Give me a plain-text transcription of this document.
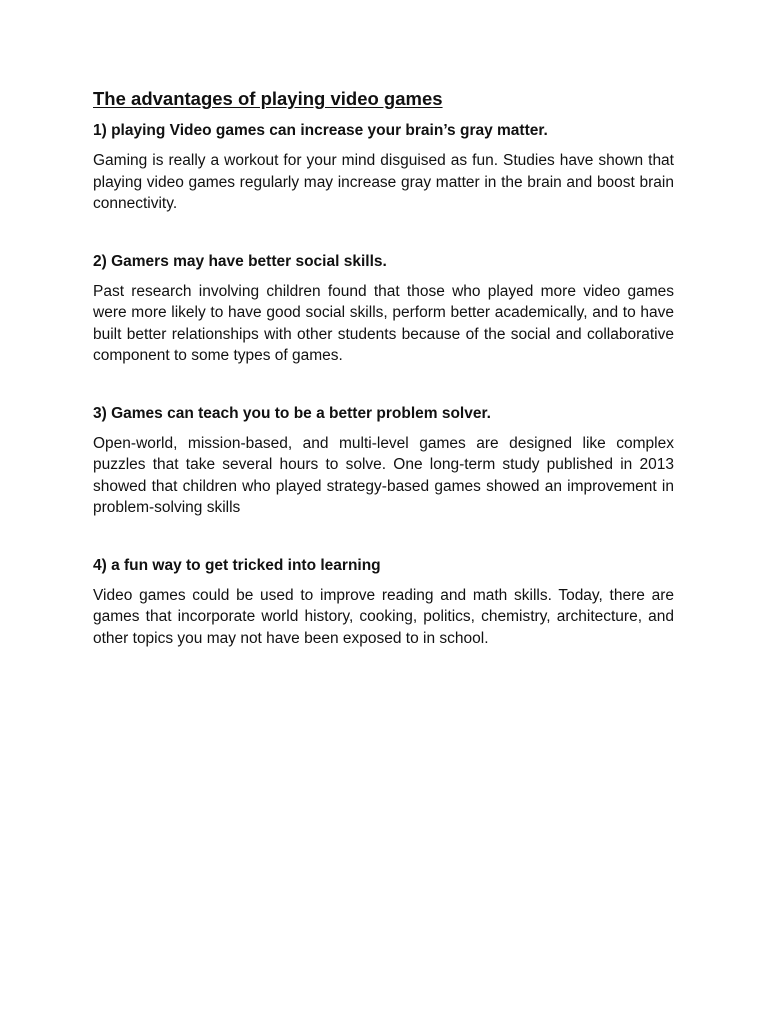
The advantages of playing video games
1) playing Video games can increase your brain’s gray matter.

Gaming is really a workout for your mind disguised as fun. Studies have shown that playing video games regularly may increase gray matter in the brain and boost brain connectivity.

2) Gamers may have better social skills.

Past research involving children found that those who played more video games were more likely to have good social skills, perform better academically, and to have built better relationships with other students because of the social and collaborative component to some types of games.

3) Games can teach you to be a better problem solver.

Open-world, mission-based, and multi-level games are designed like complex puzzles that take several hours to solve. One long-term study published in 2013 showed that children who played strategy-based games showed an improvement in problem-solving skills

4) a fun way to get tricked into learning

Video games could be used to improve reading and math skills. Today, there are games that incorporate world history, cooking, politics, chemistry, architecture, and other topics you may not have been exposed to in school.
